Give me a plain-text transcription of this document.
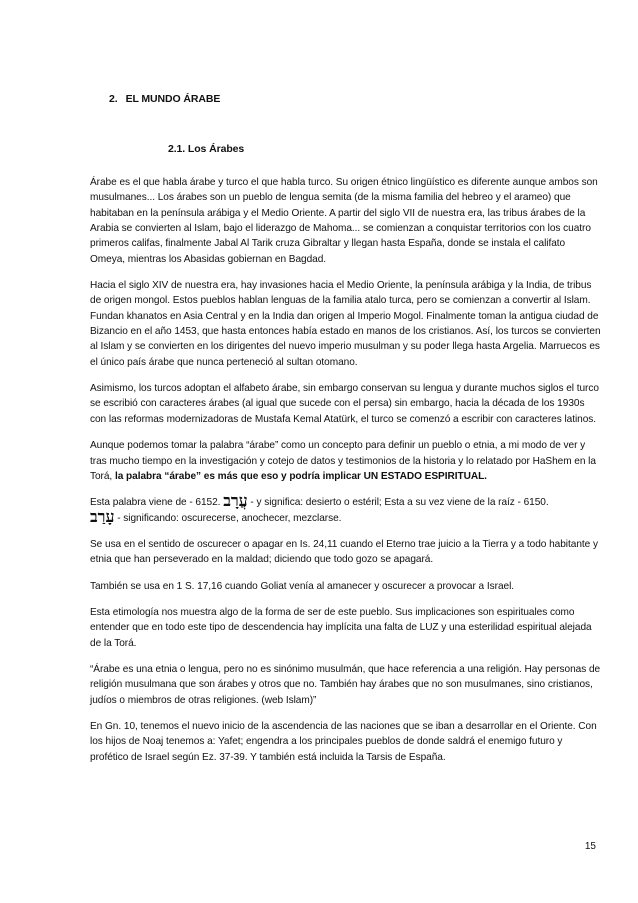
2. EL MUNDO ÁRABE
2.1. Los Árabes

Árabe es el que habla árabe y turco el que habla turco. Su origen étnico lingüístico es diferente aunque ambos son musulmanes... Los árabes son un pueblo de lengua semita (de la misma familia del hebreo y el arameo) que habitaban en la península arábiga y el Medio Oriente. A partir del siglo VII de nuestra era, las tribus árabes de la Arabia se convierten al Islam, bajo el liderazgo de Mahoma... se comienzan a conquistar territorios con los cuatro primeros califas, finalmente Jabal Al Tarik cruza Gibraltar y llegan hasta España, donde se instala el califato Omeya, mientras los Abasidas gobiernan en Bagdad.

Hacia el siglo XIV de nuestra era, hay invasiones hacia el Medio Oriente, la península arábiga y la India, de tribus de origen mongol. Estos pueblos hablan lenguas de la familia atalo turca, pero se comienzan a convertir al Islam. Fundan khanatos en Asia Central y en la India dan origen al Imperio Mogol. Finalmente toman la antigua ciudad de Bizancio en el año 1453, que hasta entonces había estado en manos de los cristianos. Así, los turcos se convierten al Islam y se convierten en los dirigentes del nuevo imperio musulman y su poder llega hasta Argelia. Marruecos es el único país árabe que nunca perteneció al sultan otomano.

Asimismo, los turcos adoptan el alfabeto árabe, sin embargo conservan su lengua y durante muchos siglos el turco se escribió con caracteres árabes (al igual que sucede con el persa) sin embargo, hacia la década de los 1930s con las reformas modernizadoras de Mustafa Kemal Atatürk, el turco se comenzó a escribir con caracteres latinos.

Aunque podemos tomar la palabra “árabe” como un concepto para definir un pueblo o etnia, a mi modo de ver y tras mucho tiempo en la investigación y cotejo de datos y testimonios de la historia y lo relatado por HaShem en la Torá, la palabra “árabe” es más que eso y podría implicar UN ESTADO ESPIRITUAL.

Esta palabra viene de - 6152. עֲרָב - y significa: desierto o estéril; Esta a su vez viene de la raíz - 6150.
עָרַב - significando: oscurecerse, anochecer, mezclarse.

Se usa en el sentido de oscurecer o apagar en Is. 24,11 cuando el Eterno trae juicio a la Tierra y a todo habitante y etnia que han perseverado en la maldad; diciendo que todo gozo se apagará.

También se usa en 1 S. 17,16 cuando Goliat venía al amanecer y oscurecer a provocar a Israel.

Esta etimología nos muestra algo de la forma de ser de este pueblo. Sus implicaciones son espirituales como entender que en todo este tipo de descendencia hay implícita una falta de LUZ y una esterilidad espiritual alejada de la Torá.

“Árabe es una etnia o lengua, pero no es sinónimo musulmán, que hace referencia a una religión. Hay personas de religión musulmana que son árabes y otros que no. También hay árabes que no son musulmanes, sino cristianos, judíos o miembros de otras religiones. (web Islam)”

En Gn. 10, tenemos el nuevo inicio de la ascendencia de las naciones que se iban a desarrollar en el Oriente. Con los hijos de Noaj tenemos a: Yafet; engendra a los principales pueblos de donde saldrá el enemigo futuro y profético de Israel según Ez. 37-39. Y también está incluida la Tarsis de España.

15
